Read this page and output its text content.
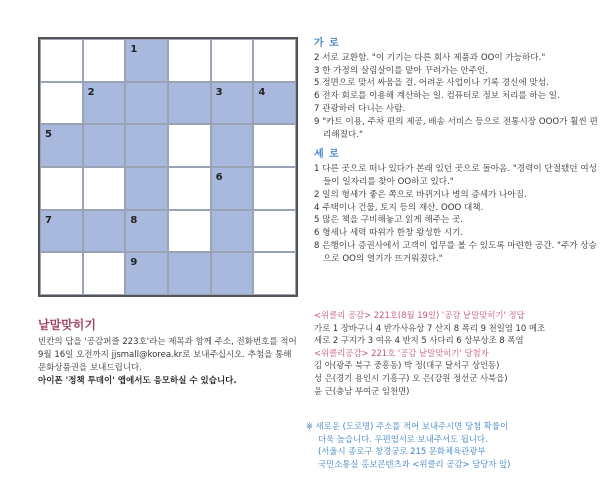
1
2	3	4
5
6
7	8
9
가 로

2 서로 교환함. "이 기기는 다른 회사 제품과 OO이 가능하다."

3 한 가정의 살림살이를 맡아 꾸려가는 안주인.

5 정면으로 맞서 싸움을 걸. 어려운 사업이나 기록 경신에 맞섬.

6 전자 회로를 이용해 계산하는 일. 컴퓨터로 정보 처리를 하는 일.

7 관광하러 다니는 사람.

9 "카트 이용, 주차 편의 제공, 배송 서비스 등으로 전통시장 OOO가 훨씬 편리해졌다."

세 로

1 다른 곳으로 떠나 있다가 본래 있던 곳으로 돌아옴. "경력이 단절됐던 여성들이 일자리를 찾아 OO하고 있다."

2 일의 형세가 좋은 쪽으로 바뀌거나 병의 증세가 나아짐.

4 주택이나 건물, 토지 등의 재산. OOO 대책.

5 많은 책을 구비해놓고 읽게 해주는 곳.

6 형세나 세력 따위가 한창 왕성한 시기.

8 은행이나 증권사에서 고객이 업무를 볼 수 있도록 마련한 공간. "주가 상승으로 OO의 열기가 뜨거워졌다."

낱말맞히기

빈칸의 답을 '공감퍼즐 223호'라는 제목과 함께 주소, 전화번호를 적어 9월 16일 오전까지 jjsmall@korea.kr로 보내주십시오. 추첨을 통해 문화상품권을 보내드립니다.

아이폰 '정책 투데이' 앱에서도 응모하실 수 있습니다.

<위클리 공감> 221호(8월 19일) '공감 낱말맞히기' 정답

가로 1 장바구니 4 반가사유상 7 산지 8 폭리 9 천일염 10 메조

세로 2 구지가 3 여유 4 반지 5 사다리 6 상부상조 8 폭염

<위클리공감> 221호 '공감 낱말맞히기' 당첨자

김 아(광주 북구 중흥동) 박 정(대구 달서구 상인동)

성 은(경기 용인시 기흥구) 오 은(강원 정선군 사북읍)

윤 근(충남 부여군 임천면)

※ 새로운 (도로명) 주소를 적어 보내주시면 당첨 확률이

더욱 높습니다. 우편엽서로 보내주셔도 됩니다.

(서울시 종로구 창경궁로 215 문화체육관광부

국민소통실 홍보콘텐츠과 <위클리 공감> 담당자 앞)
